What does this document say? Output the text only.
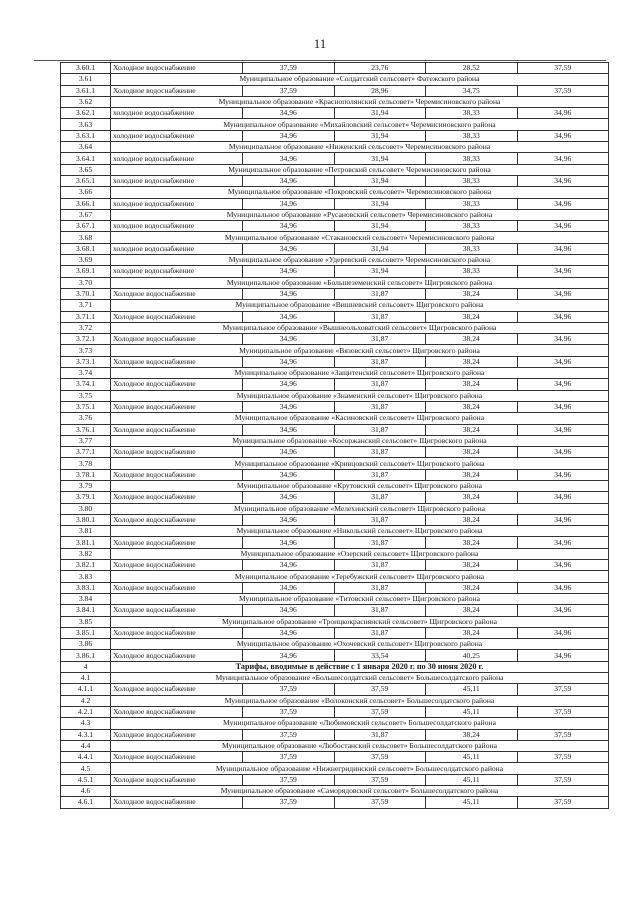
11
3.60.1	Холодное водоснабжение	37,59	23,76	28,52	37,59
3.61	Муниципальное образование «Солдатский сельсовет» Фатежского района				
3.61.1	Холодное водоснабжение	37,59	28,96	34,75	37,59
3.62	Муниципальное образование «Краснополянский сельсовет» Черемисиновского района				
3.62.1	холодное водоснабжение	34,96	31,94	38,33	34,96
3.63	Муниципальное образование «Михайловский сельсовет» Черемисиновского района				
3.63.1	холодное водоснабжение	34,96	31,94	38,33	34,96
3.64	Муниципальное образование «Ниженский сельсовет» Черемисиновского района				
3.64.1	холодное водоснабжение	34,96	31,94	38,33	34,96
3.65	Муниципальное образование «Петровский сельсовет» Черемисиновского района				
3.65.1	холодное водоснабжение	34,96	31,94	38,33	34,96
3.66	Муниципальное образование «Покровский сельсовет» Черемисиновского района				
3.66.1	холодное водоснабжение	34,96	31,94	38,33	34,96
3.67	Муниципальное образование «Русановский сельсовет» Черемисиновского района				
3.67.1	холодное водоснабжение	34,96	31,94	38,33	34,96
3.68	Муниципальное образование «Стакановский сельсовет» Черемисиновского района				
3.68.1	холодное водоснабжение	34,96	31,94	38,33	34,96
3.69	Муниципальное образование «Удеревский сельсовет» Черемисиновского района				
3.69.1	холодное водоснабжение	34,96	31,94	38,33	34,96
3.70	Муниципальное образование «Большеземенский сельсовет» Щигровского района				
3.70.1	Холодное водоснабжение	34,96	31,87	38,24	34,96
3.71	Муниципальное образование «Вишневский сельсовет» Щигровского района				
3.71.1	Холодное водоснабжение	34,96	31,87	38,24	34,96
3.72	Муниципальное образование «Вышнеольховатский сельсовет» Щигровского района				
3.72.1	Холодное водоснабжение	34,96	31,87	38,24	34,96
3.73	Муниципальное образование «Вязовский сельсовет» Щигровского района				
3.73.1	Холодное водоснабжение	34,96	31,87	38,24	34,96
3.74	Муниципальное образование «Защитенский сельсовет» Щигровского района				
3.74.1	Холодное водоснабжение	34,96	31,87	38,24	34,96
3.75	Муниципальное образование «Знаменский сельсовет» Щигровского района				
3.75.1	Холодное водоснабжение	34,96	31,87	38,24	34,96
3.76	Муниципальное образование «Касиновский сельсовет» Щигровского района				
3.76.1	Холодное водоснабжение	34,96	31,87	38,24	34,96
3.77	Муниципальное образование «Косоржанский сельсовет» Щигровского района				
3.77.1	Холодное водоснабжение	34,96	31,87	38,24	34,96
3.78	Муниципальное образование «Кривцовский сельсовет» Щигровского района				
3.78.1	Холодное водоснабжение	34,96	31,87	38,24	34,96
3.79	Муниципальное образование «Крутовский сельсовет» Щигровского района				
3.79.1	Холодное водоснабжение	34,96	31,87	38,24	34,96
3.80	Муниципальное образование «Мелехинский сельсовет» Щигровского района				
3.80.1	Холодное водоснабжение	34,96	31,87	38,24	34,96
3.81	Муниципальное образование «Никольский сельсовет» Щигровского района				
3.81.1	Холодное водоснабжение	34,96	31,87	38,24	34,96
3.82	Муниципальное образование «Озерский сельсовет» Щигровского района				
3.82.1	Холодное водоснабжение	34,96	31,87	38,24	34,96
3.83	Муниципальное образование «Теребужский сельсовет» Щигровского района				
3.83.1	Холодное водоснабжение	34,96	31,87	38,24	34,96
3.84	Муниципальное образование «Титовский сельсовет» Щигровского района				
3.84.1	Холодное водоснабжение	34,96	31,87	38,24	34,96
3.85	Муниципальное образование «Троицкокраснянский сельсовет» Щигровского района				
3.85.1	Холодное водоснабжение	34,96	31,87	38,24	34,96
3.86	Муниципальное образование «Охочевский сельсовет» Щигровского района				
3.86.1	Холодное водоснабжение	34,96	33,54	40,25	34,96
4	Тарифы, вводимые в действие с 1 января 2020 г. по 30 июня 2020 г.				
4.1	Муниципальное образование «Большесолдатский сельсовет» Большесолдатского района				
4.1.1	Холодное водоснабжение	37,59	37,59	45,11	37,59
4.2	Муниципальное образование «Волоконский сельсовет» Большесолдатского района				
4.2.1	Холодное водоснабжение	37,59	37,59	45,11	37,59
4.3	Муниципальное образование «Любимовский сельсовет» Большесолдатского района				
4.3.1	Холодное водоснабжение	37,59	31,87	38,24	37,59
4.4	Муниципальное образование «Любостанский сельсовет» Большесолдатского района				
4.4.1	Холодное водоснабжение	37,59	37,59	45,11	37,59
4.5	Муниципальное образование «Нижнегридинский сельсовет» Большесолдатского района				
4.5.1	Холодное водоснабжение	37,59	37,59	45,11	37,59
4.6	Муниципальное образование «Саморядовский сельсовет» Большесолдатского района				
4.6.1	Холодное водоснабжение	37,59	37,59	45,11	37,59
